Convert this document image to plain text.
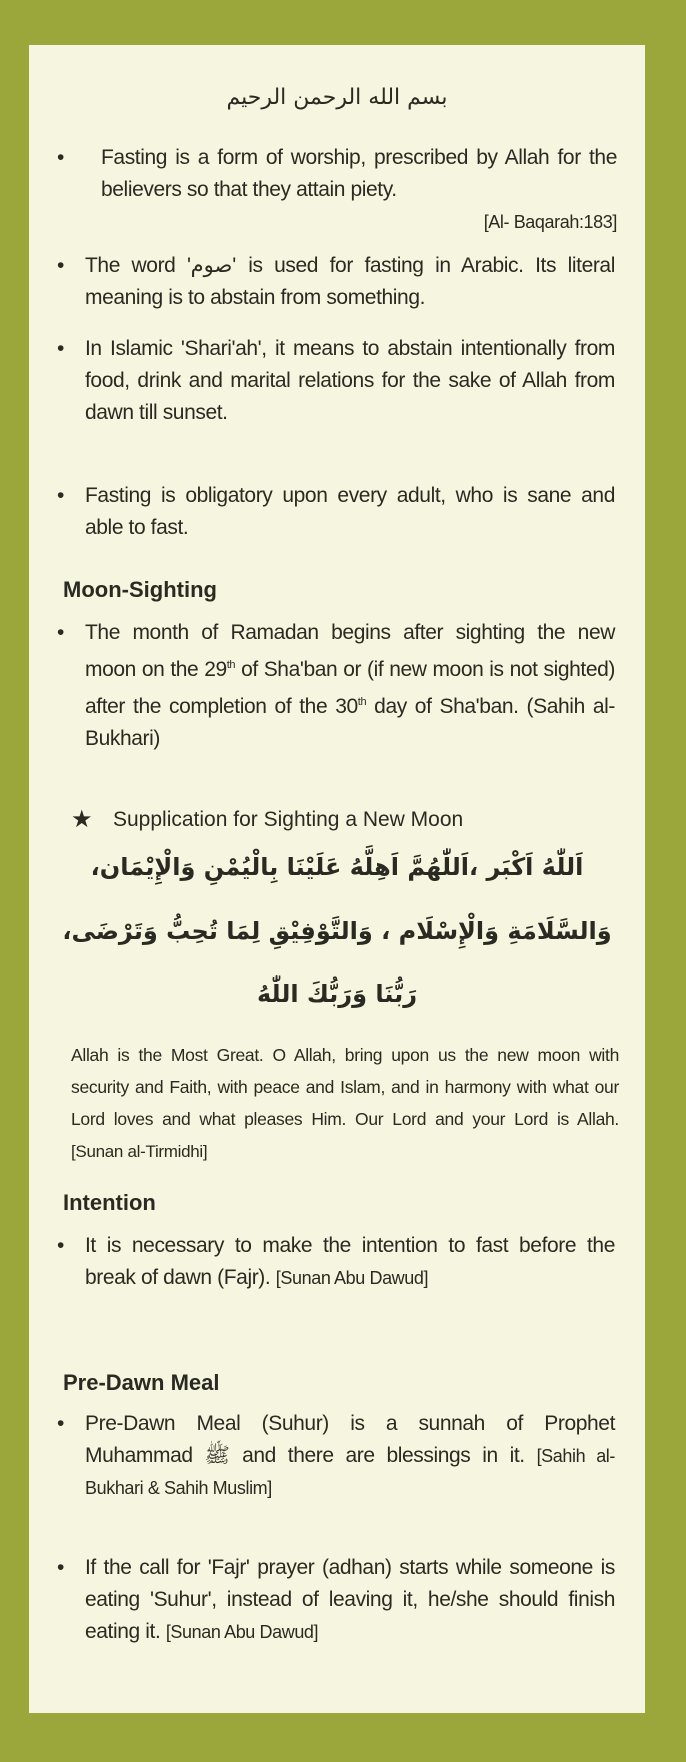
بسم الله الرحمن الرحيم
• Fasting is a form of worship, prescribed by Allah for the believers so that they attain piety.
[Al- Baqarah:183]
• The word 'صوم' is used for fasting in Arabic. Its literal meaning is to abstain from something.
• In Islamic 'Shari'ah', it means to abstain intentionally from food, drink and marital relations for the sake of Allah from dawn till sunset.
• Fasting is obligatory upon every adult, who is sane and able to fast.
Moon-Sighting
• The month of Ramadan begins after sighting the new moon on the 29th of Sha'ban or (if new moon is not sighted) after the completion of the 30th day of Sha'ban. (Sahih al-Bukhari)
★ Supplication for Sighting a New Moon
اَللّٰهُ اَكْبَر ،اَللّٰهُمَّ اَهِلَّهُ عَلَيْنَا بِالْيُمْنِ وَالْإِيْمَان،
وَالسَّلَامَةِ وَالْإِسْلَام ، وَالتَّوْفِيْقِ لِمَا تُحِبُّ وَتَرْضَى،
رَبُّنَا وَرَبُّكَ اللّٰهُ
Allah is the Most Great. O Allah, bring upon us the new moon with security and Faith, with peace and Islam, and in harmony with what our Lord loves and what pleases Him. Our Lord and your Lord is Allah. [Sunan al-Tirmidhi]
Intention
• It is necessary to make the intention to fast before the break of dawn (Fajr). [Sunan Abu Dawud]
Pre-Dawn Meal
• Pre-Dawn Meal (Suhur) is a sunnah of Prophet Muhammad ﷺ and there are blessings in it. [Sahih al-Bukhari & Sahih Muslim]
• If the call for 'Fajr' prayer (adhan) starts while someone is eating 'Suhur', instead of leaving it, he/she should finish eating it. [Sunan Abu Dawud]
